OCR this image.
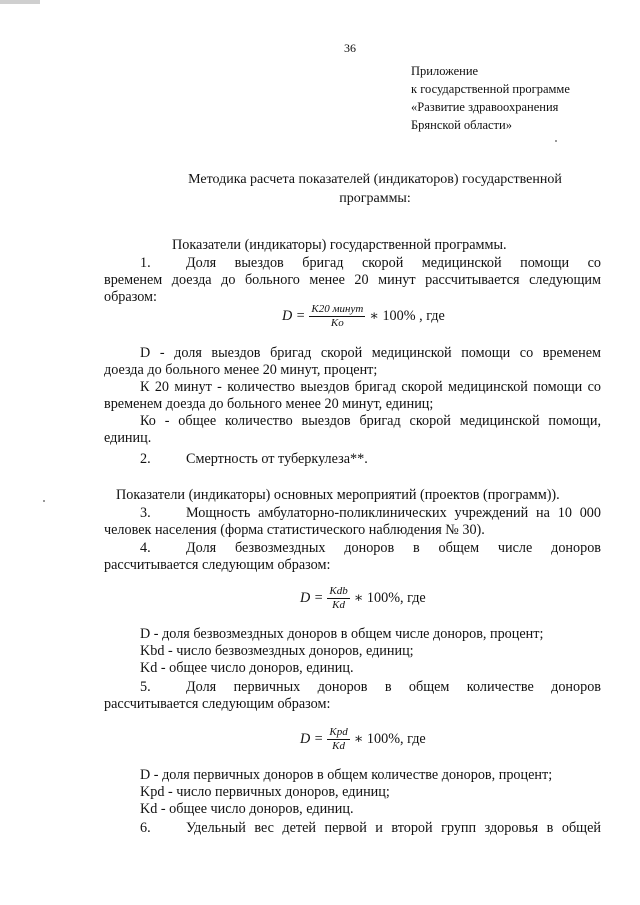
36
Приложение
к государственной программе
«Развитие здравоохранения
Брянской области»
Методика расчета показателей (индикаторов) государственной
программы:
Показатели (индикаторы) государственной программы.
1. Доля выездов бригад скорой медицинской помощи со
временем доезда до больного менее 20 минут рассчитывается следующим
образом:
$D = \frac{\text{K20 минут}}{Ko}$ ∗ 100% , где
D - доля выездов бригад скорой медицинской помощи со временем
доезда до больного менее 20 минут, процент;
К 20 минут - количество выездов бригад скорой медицинской помощи со
временем доезда до больного менее 20 минут, единиц;
Ко - общее количество выездов бригад скорой медицинской помощи,
единиц.
2. Смертность от туберкулеза**.
Показатели (индикаторы) основных мероприятий (проектов (программ)).
3. Мощность амбулаторно-поликлинических учреждений на 10 000
человек населения (форма статистического наблюдения № 30).
4. Доля безвозмездных доноров в общем числе доноров
рассчитывается следующим образом:
$D = \frac{\text{Kdb}}{Kd}$ ∗ 100%, где
D - доля безвозмездных доноров в общем числе доноров, процент;
Kbd - число безвозмездных доноров, единиц;
Kd - общее число доноров, единиц.
5. Доля первичных доноров в общем количестве доноров
рассчитывается следующим образом:
$D = \frac{\text{Kpd}}{Kd}$ ∗ 100%, где
D - доля первичных доноров в общем количестве доноров, процент;
Kpd - число первичных доноров, единиц;
Kd - общее число доноров, единиц.
6. Удельный вес детей первой и второй групп здоровья в общей
